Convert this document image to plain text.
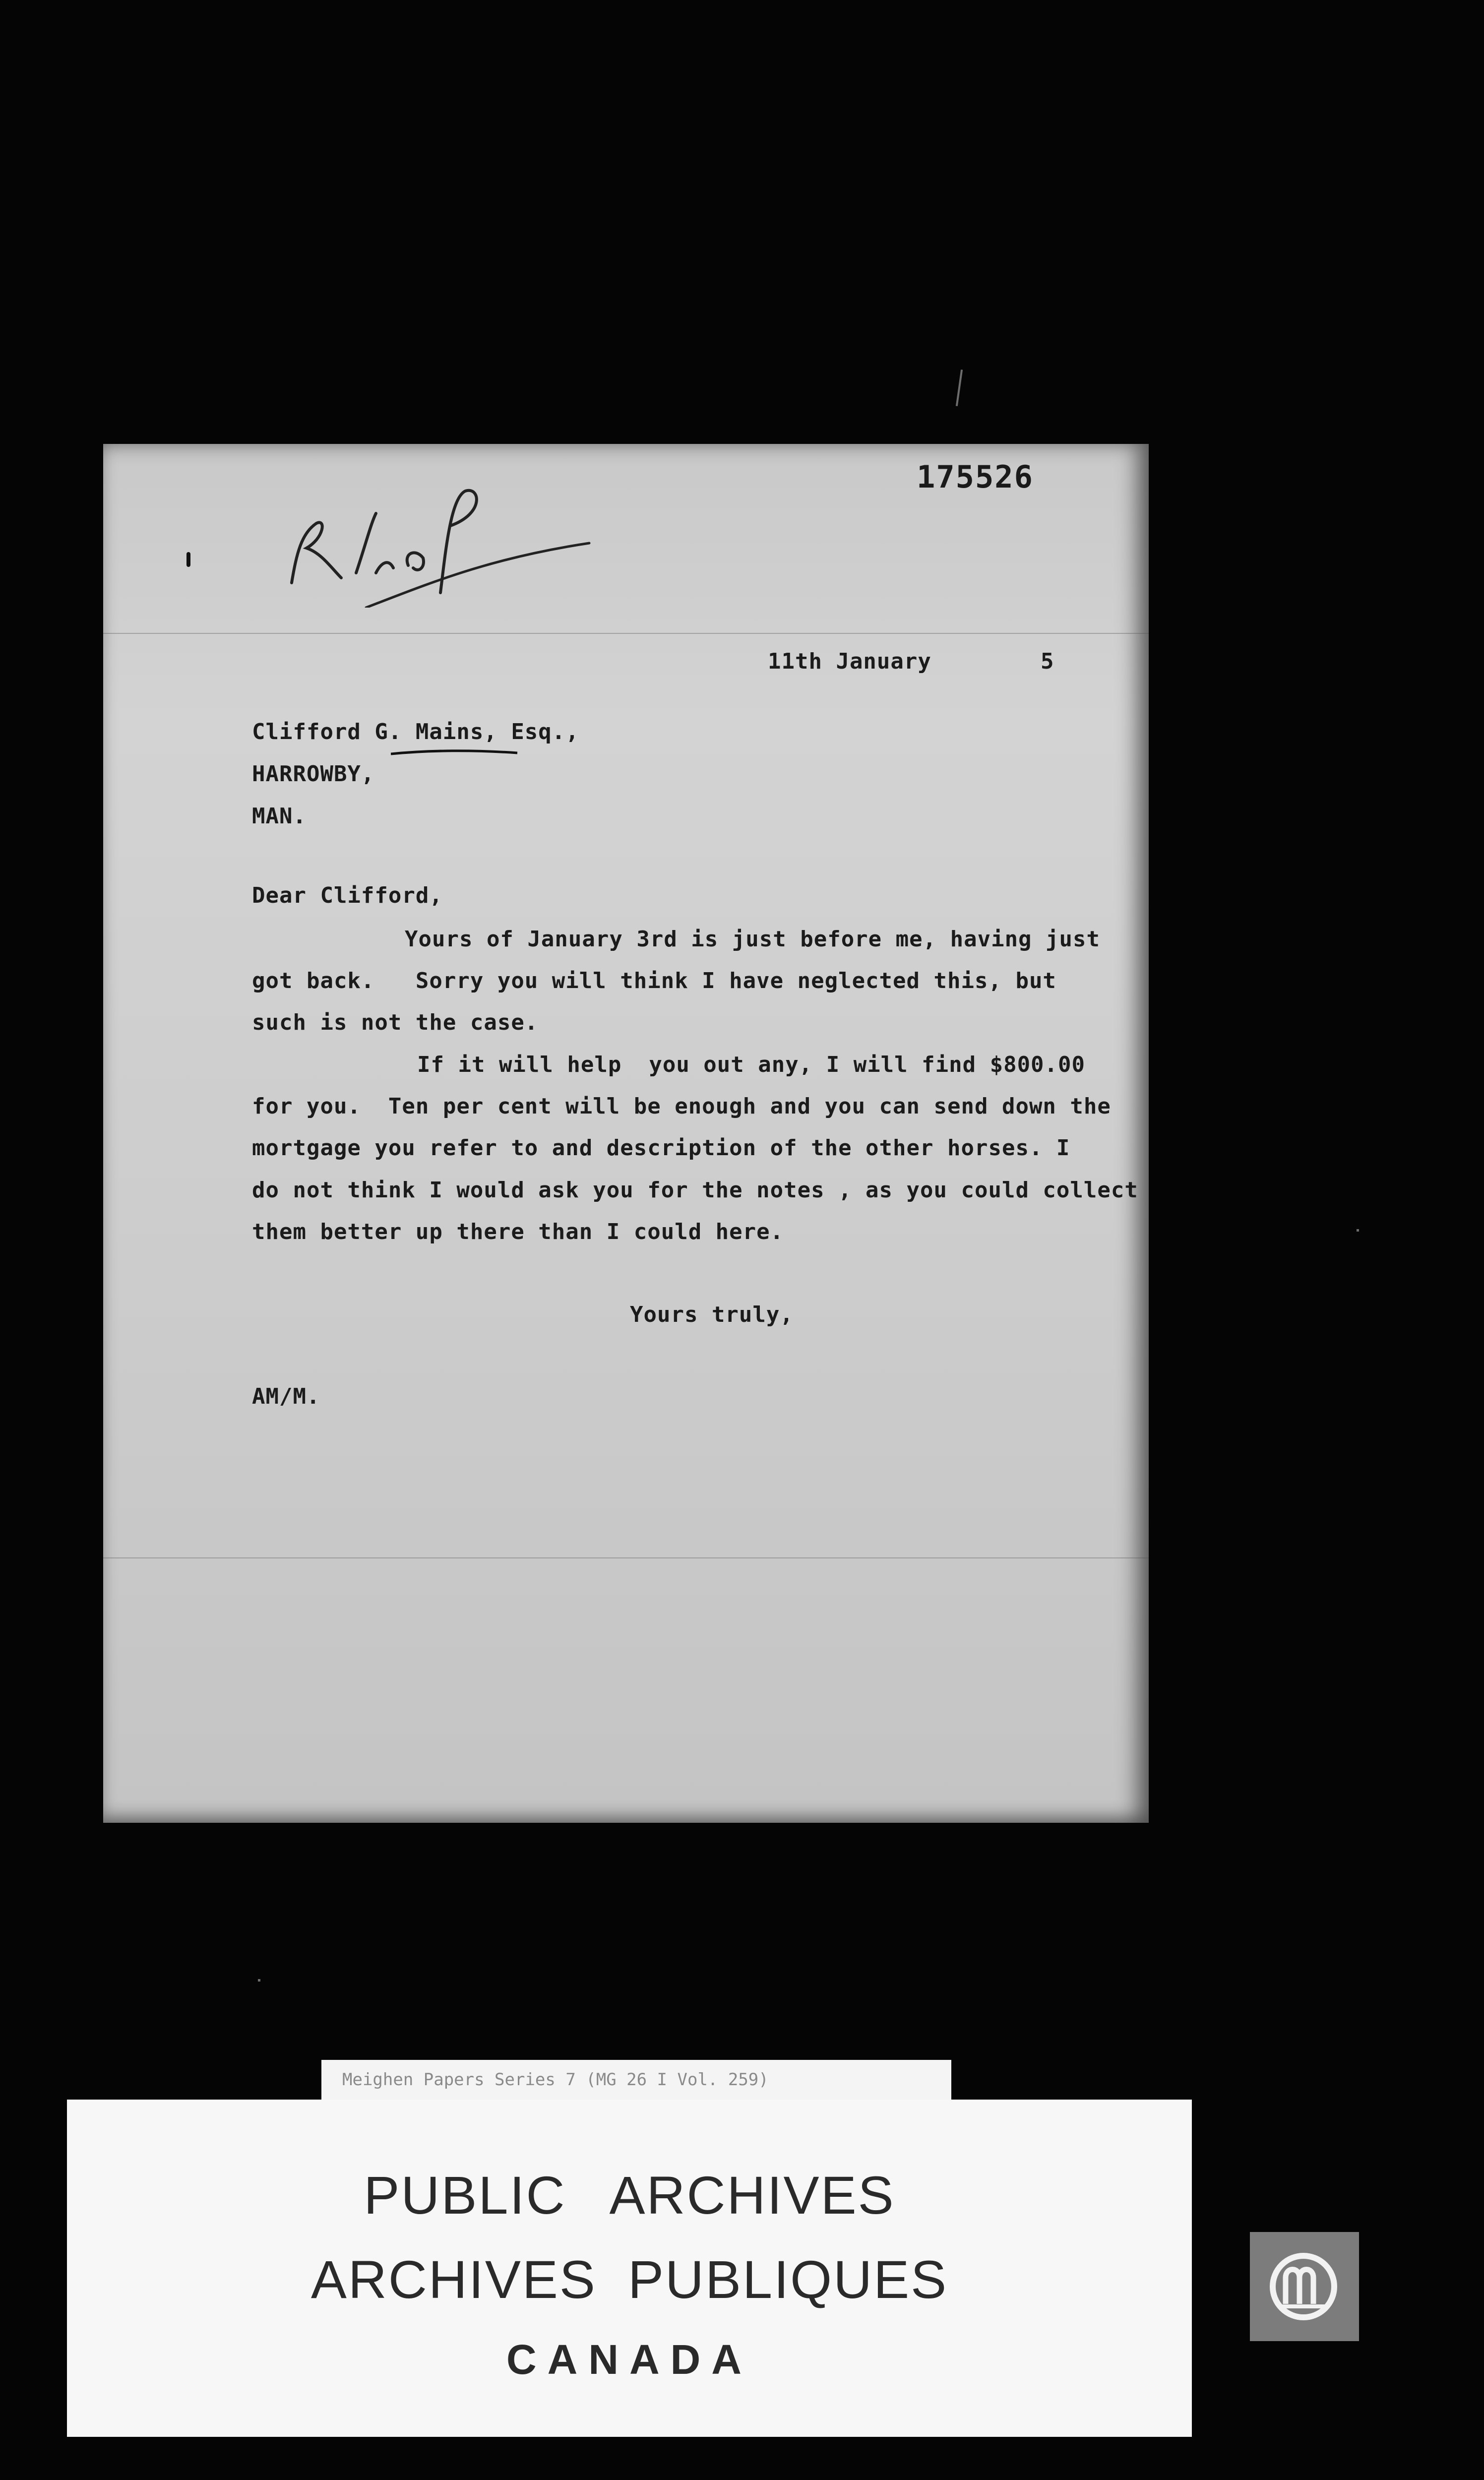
175526
11th January	5
Clifford G. Mains, Esq.,
HARROWBY,
MAN.
Dear Clifford,
Yours of January 3rd is just before me, having just
got back.   Sorry you will think I have neglected this, but
such is not the case.
If it will help  you out any, I will find $800.00
for you.  Ten per cent will be enough and you can send down the
mortgage you refer to and description of the other horses. I
do not think I would ask you for the notes , as you could collect
them better up there than I could here.
Yours truly,
AM/M.
Meighen Papers Series 7 (MG 26 I Vol. 259)
PUBLIC ARCHIVES
ARCHIVES PUBLIQUES
CANADA
